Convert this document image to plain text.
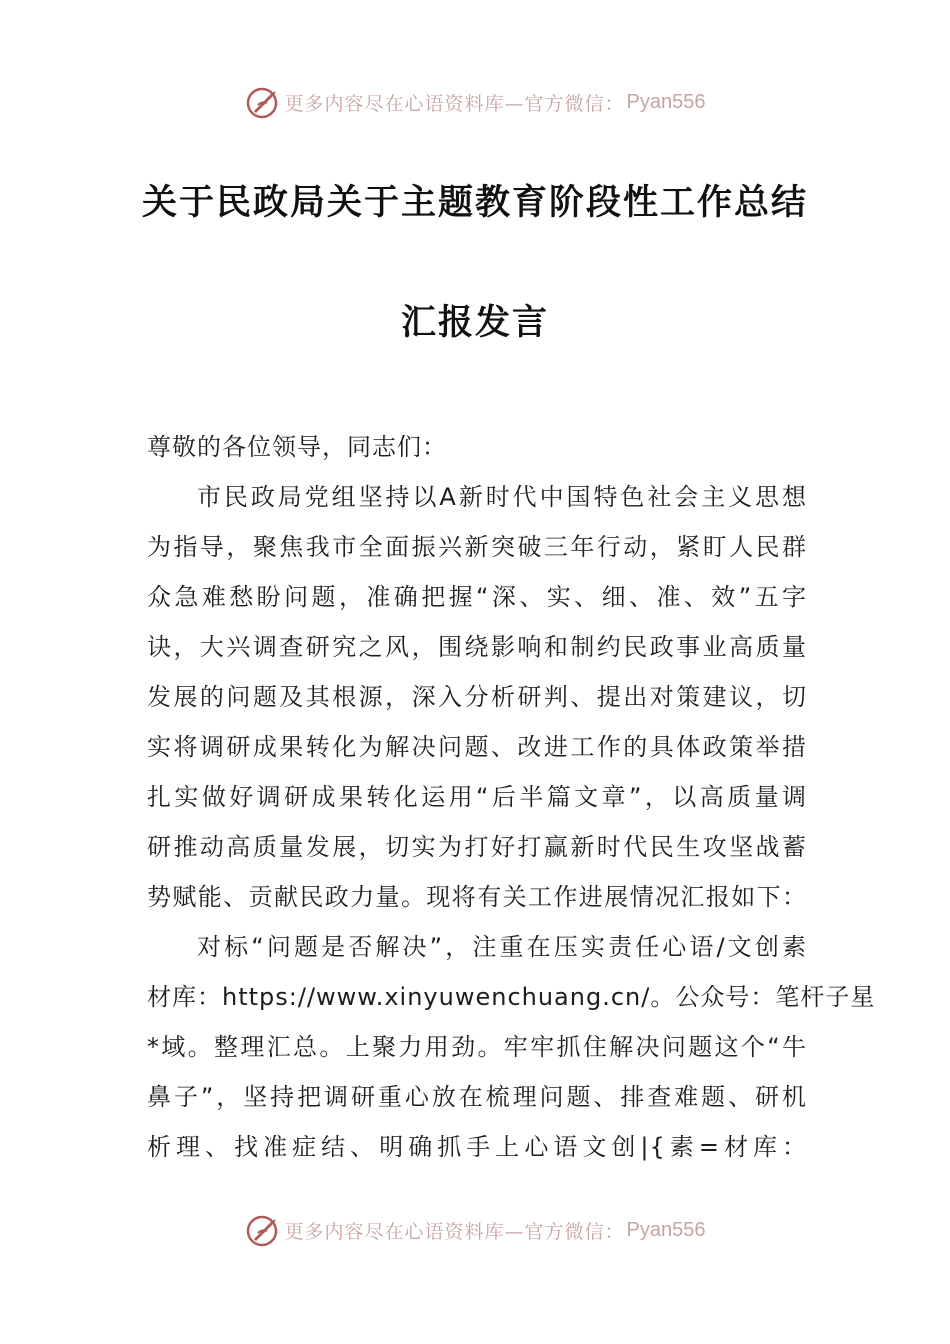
更多内容尽在心语资料库—官方微信： Pyan556
关于民政局关于主题教育阶段性工作总结
汇报发言
尊敬的各位领导，同志们：
市民政局党组坚持以A新时代中国特色社会主义思想
为指导，聚焦我市全面振兴新突破三年行动，紧盯人民群
众急难愁盼问题，准确把握“深、实、细、准、效”五字
诀，大兴调查研究之风，围绕影响和制约民政事业高质量
发展的问题及其根源，深入分析研判、提出对策建议，切
实将调研成果转化为解决问题、改进工作的具体政策举措
扎实做好调研成果转化运用“后半篇文章”，以高质量调
研推动高质量发展，切实为打好打赢新时代民生攻坚战蓄
势赋能、贡献民政力量。现将有关工作进展情况汇报如下：
对标“问题是否解决”，注重在压实责任心语/文创素
材库：https://www.xinyuwenchuang.cn/。公众号：笔杆子星
*域。整理汇总。上聚力用劲。牢牢抓住解决问题这个“牛
鼻子”，坚持把调研重心放在梳理问题、排查难题、研机
析理、找准症结、明确抓手上心语文创|{素=材库：
更多内容尽在心语资料库—官方微信： Pyan556
